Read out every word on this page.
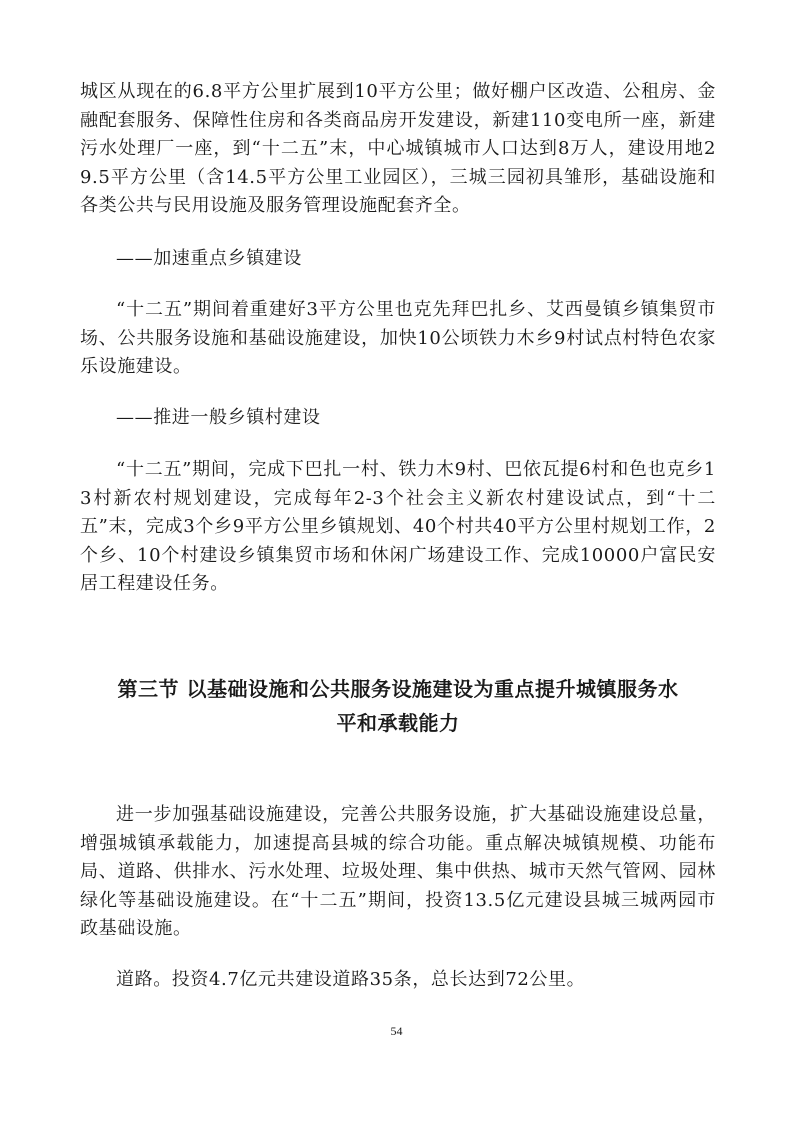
城区从现在的6.8平方公里扩展到10平方公里；做好棚户区改造、公租房、金融配套服务、保障性住房和各类商品房开发建设，新建110变电所一座，新建污水处理厂一座，到“十二五”末，中心城镇城市人口达到8万人，建设用地29.5平方公里（含14.5平方公里工业园区），三城三园初具雏形，基础设施和各类公共与民用设施及服务管理设施配套齐全。

——加速重点乡镇建设

“十二五”期间着重建好3平方公里也克先拜巴扎乡、艾西曼镇乡镇集贸市场、公共服务设施和基础设施建设，加快10公顷铁力木乡9村试点村特色农家乐设施建设。

——推进一般乡镇村建设

“十二五”期间，完成下巴扎一村、铁力木9村、巴依瓦提6村和色也克乡13村新农村规划建设，完成每年2-3个社会主义新农村建设试点，到“十二五”末，完成3个乡9平方公里乡镇规划、40个村共40平方公里村规划工作，2个乡、10个村建设乡镇集贸市场和休闲广场建设工作、完成10000户富民安居工程建设任务。

第三节 以基础设施和公共服务设施建设为重点提升城镇服务水平和承载能力

进一步加强基础设施建设，完善公共服务设施，扩大基础设施建设总量，增强城镇承载能力，加速提高县城的综合功能。重点解决城镇规模、功能布局、道路、供排水、污水处理、垃圾处理、集中供热、城市天然气管网、园林绿化等基础设施建设。在“十二五”期间，投资13.5亿元建设县城三城两园市政基础设施。

道路。投资4.7亿元共建设道路35条，总长达到72公里。

54
